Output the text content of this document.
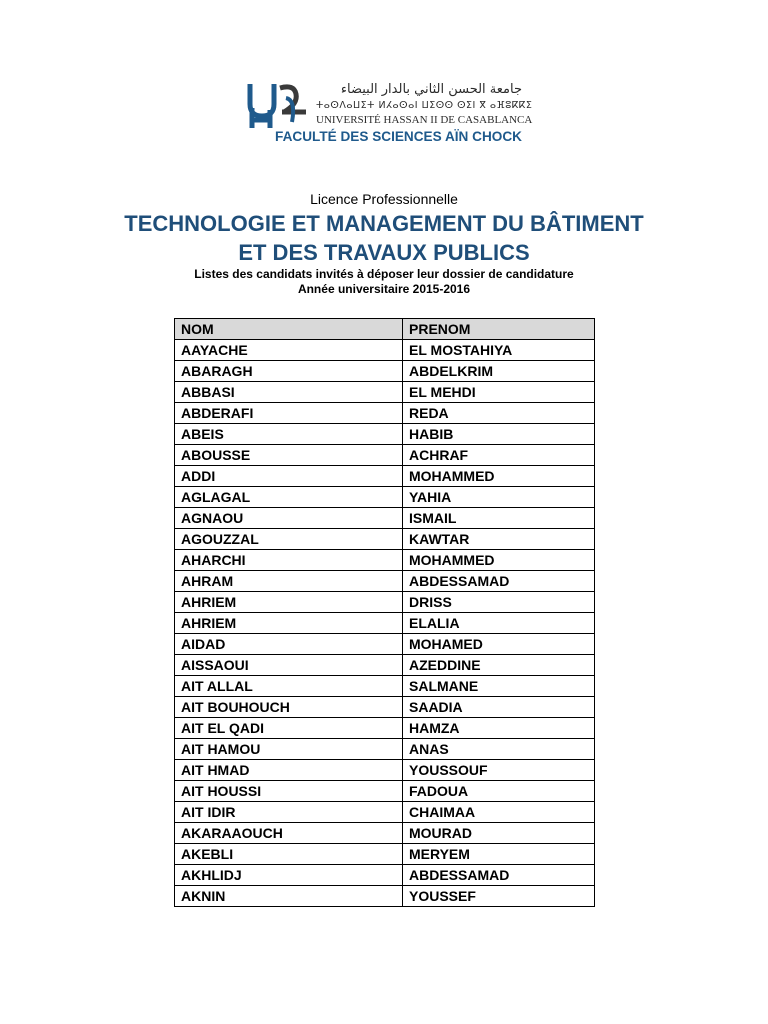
جامعة الحسن الثاني بالدار البيضاء
ⵜⴰⵙⴷⴰⵡⵉⵜ ⵍⵃⴰⵙⴰⵏ ⵡⵉⵙⵙ ⵙⵉⵏ ⴳ ⴰⴼⵓⴽⴽⵉ
UNIVERSITÉ HASSAN II DE CASABLANCA
FACULTÉ DES SCIENCES AÏN CHOCK
Licence Professionnelle
TECHNOLOGIE ET MANAGEMENT DU BÂTIMENT
ET DES TRAVAUX PUBLICS
Listes des candidats invités à déposer leur dossier de candidature
Année universitaire 2015-2016
NOM	PRENOM
AAYACHE	EL MOSTAHIYA
ABARAGH	ABDELKRIM
ABBASI	EL MEHDI
ABDERAFI	REDA
ABEIS	HABIB
ABOUSSE	ACHRAF
ADDI	MOHAMMED
AGLAGAL	YAHIA
AGNAOU	ISMAIL
AGOUZZAL	KAWTAR
AHARCHI	MOHAMMED
AHRAM	ABDESSAMAD
AHRIEM	DRISS
AHRIEM	ELALIA
AIDAD	MOHAMED
AISSAOUI	AZEDDINE
AIT ALLAL	SALMANE
AIT BOUHOUCH	SAADIA
AIT EL QADI	HAMZA
AIT HAMOU	ANAS
AIT HMAD	YOUSSOUF
AIT HOUSSI	FADOUA
AIT IDIR	CHAIMAA
AKARAAOUCH	MOURAD
AKEBLI	MERYEM
AKHLIDJ	ABDESSAMAD
AKNIN	YOUSSEF
